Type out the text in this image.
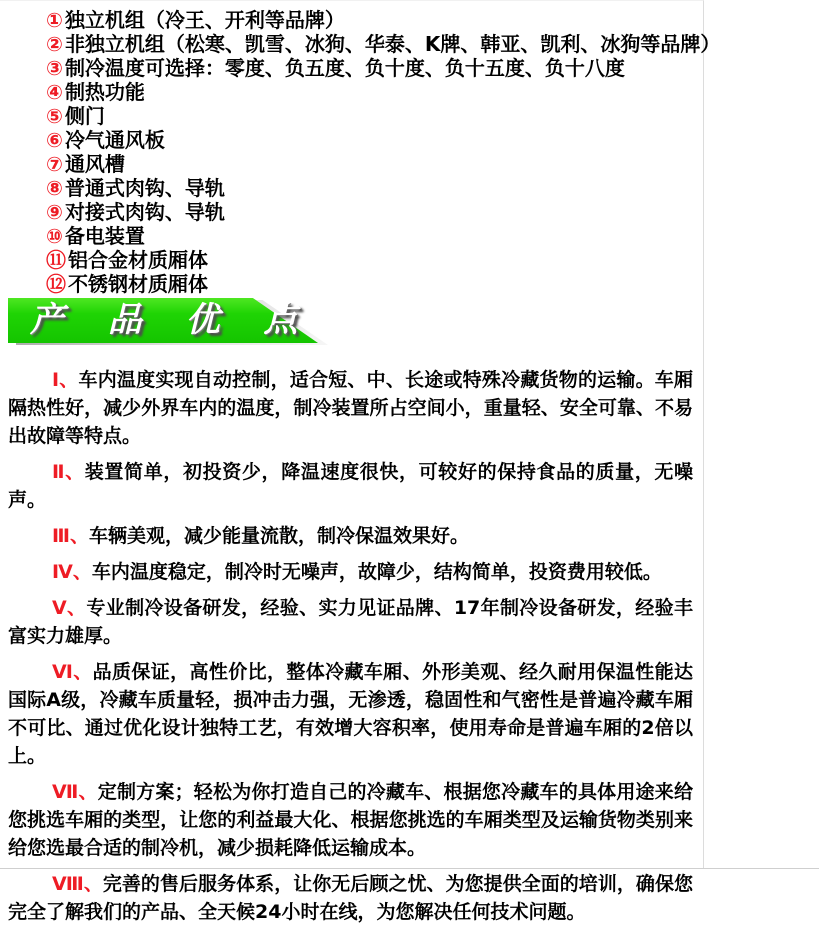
① 独立机组（冷王、开利等品牌）
② 非独立机组（松寒、凯雪、冰狗、华泰、K牌、韩亚、凯利、冰狗等品牌）
③ 制冷温度可选择：零度、负五度、负十度、负十五度、负十八度
④ 制热功能
⑤ 侧门
⑥ 冷气通风板
⑦ 通风槽
⑧ 普通式肉钩、导轨
⑨ 对接式肉钩、导轨
⑩ 备电装置
⑪ 铝合金材质厢体
⑫ 不锈钢材质厢体
产 品 优 点

Ⅰ、车内温度实现自动控制，适合短、中、长途或特殊冷藏货物的运输。车厢隔热性好，减少外界车内的温度，制冷装置所占空间小，重量轻、安全可靠、不易出故障等特点。

Ⅱ、装置简单，初投资少，降温速度很快，可较好的保持食品的质量，无噪声。

Ⅲ、车辆美观，减少能量流散，制冷保温效果好。

Ⅳ、车内温度稳定，制冷时无噪声，故障少，结构简单，投资费用较低。

Ⅴ、专业制冷设备研发，经验、实力见证品牌、17年制冷设备研发，经验丰富实力雄厚。

Ⅵ、品质保证，高性价比，整体冷藏车厢、外形美观、经久耐用保温性能达国际A级，冷藏车质量轻，损冲击力强，无渗透，稳固性和气密性是普遍冷藏车厢不可比、通过优化设计独特工艺，有效增大容积率，使用寿命是普遍车厢的2倍以上。

Ⅶ、定制方案；轻松为你打造自己的冷藏车、根据您冷藏车的具体用途来给您挑选车厢的类型，让您的利益最大化、根据您挑选的车厢类型及运输货物类别来给您选最合适的制冷机，减少损耗降低运输成本。

Ⅷ、完善的售后服务体系，让你无后顾之忧、为您提供全面的培训，确保您完全了解我们的产品、全天候24小时在线，为您解决任何技术问题。
